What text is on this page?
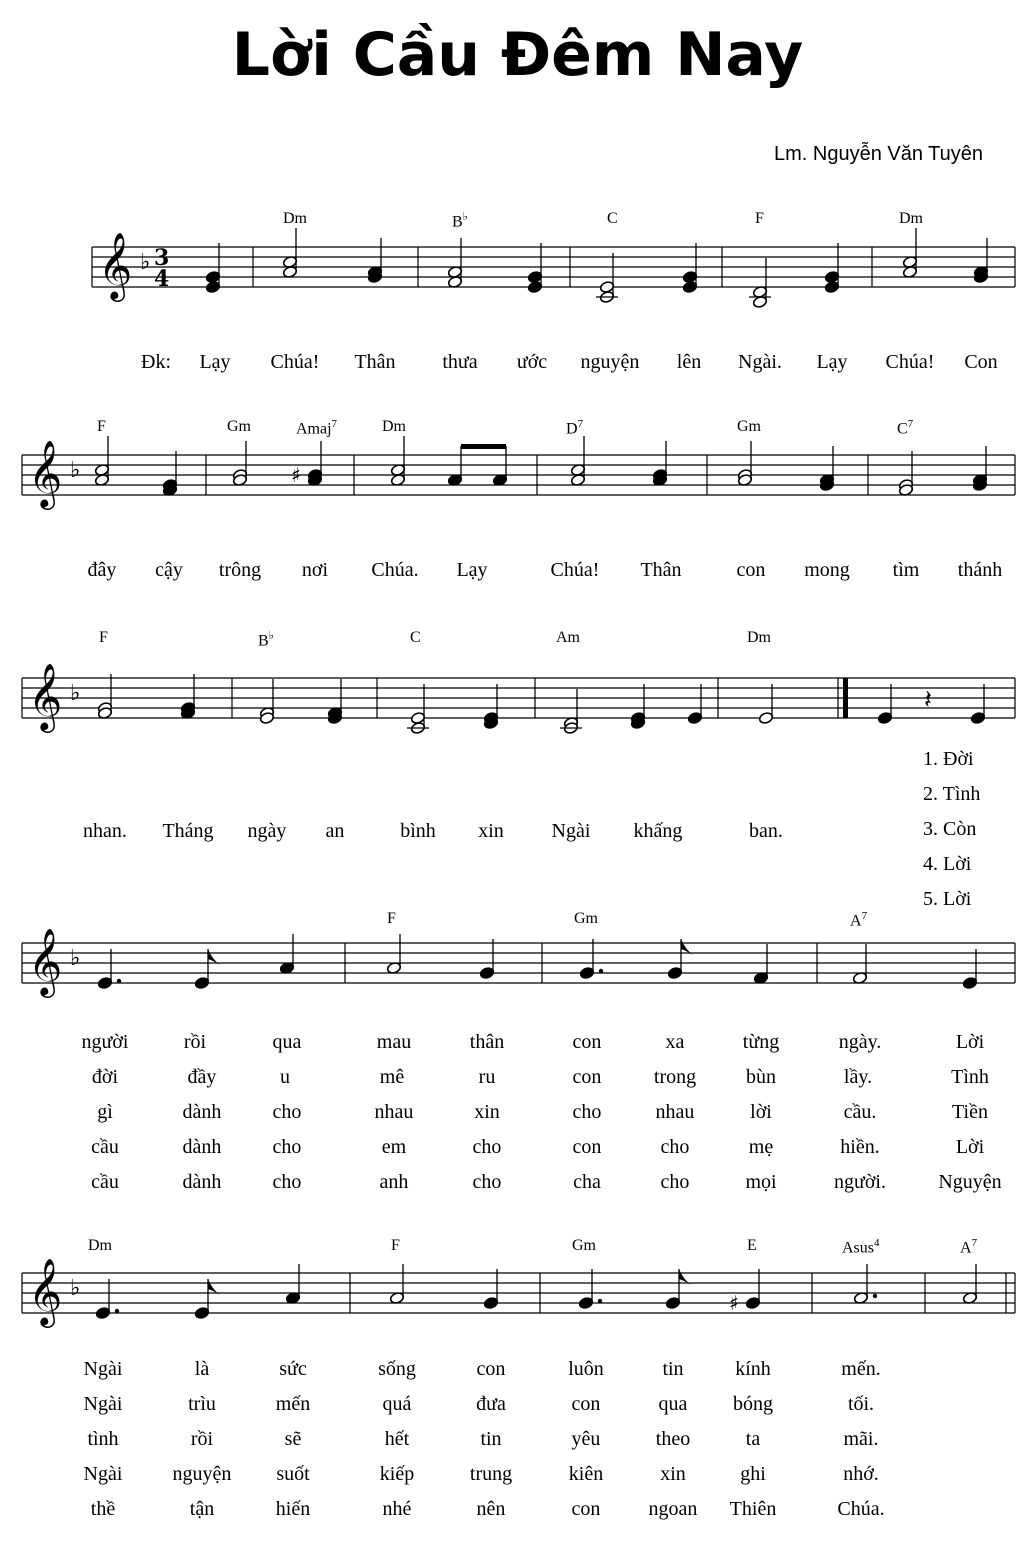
Lời Cầu Đêm Nay
Lm. Nguyễn Văn Tuyên
𝄞 ♭ 3
4
Dm	B♭	C	F	Dm
Đk: Lạy Chúa! Thân thưa ước nguyện lên Ngài. Lạy Chúa! Con
𝄞 ♭	♯
F	Gm	Amaj$^7$	Dm	$D^7$	Gm	$C^7$
đây cậy trông nơi Chúa. Lạy	Chúa! Thân	con mong tìm thánh
𝄞 ♭	𝄽
F	B♭	C	Am	Dm
nhan. Tháng ngày an	bình xin Ngài khấng	ban.
1. Đời
2. Tình
3. Còn
4. Lời
5. Lời
𝄞 ♭
F	Gm	$A^7$
người	rồi	qua	mau	thân	con	xa	từng	ngày.	Lời
đời	đầy	u	mê	ru	con	trong bùn	lầy.	Tình
gì	dành	cho	nhau	xin	cho	nhau	lời	cầu.	Tiền
cầu	dành	cho	em	cho	con	cho	mẹ	hiền.	Lời
cầu	dành	cho	anh	cho	cha	cho	mọi	người.	Nguyện
𝄞 ♭
♯
Dm	F	Gm	E	Asus$^4$	$A^7$
Ngài	là	sức	sống	con	luôn	tin	kính	mến.
Ngài	trìu	mến	quá	đưa	con	qua bóng	tối.
tình	rồi	sẽ	hết	tin	yêu	theo	ta	mãi.
Ngài	nguyện suốt	kiếp	trung	kiên	xin	ghi	nhớ.
thề	tận	hiến	nhé	nên	con ngoan Thiên	Chúa.
